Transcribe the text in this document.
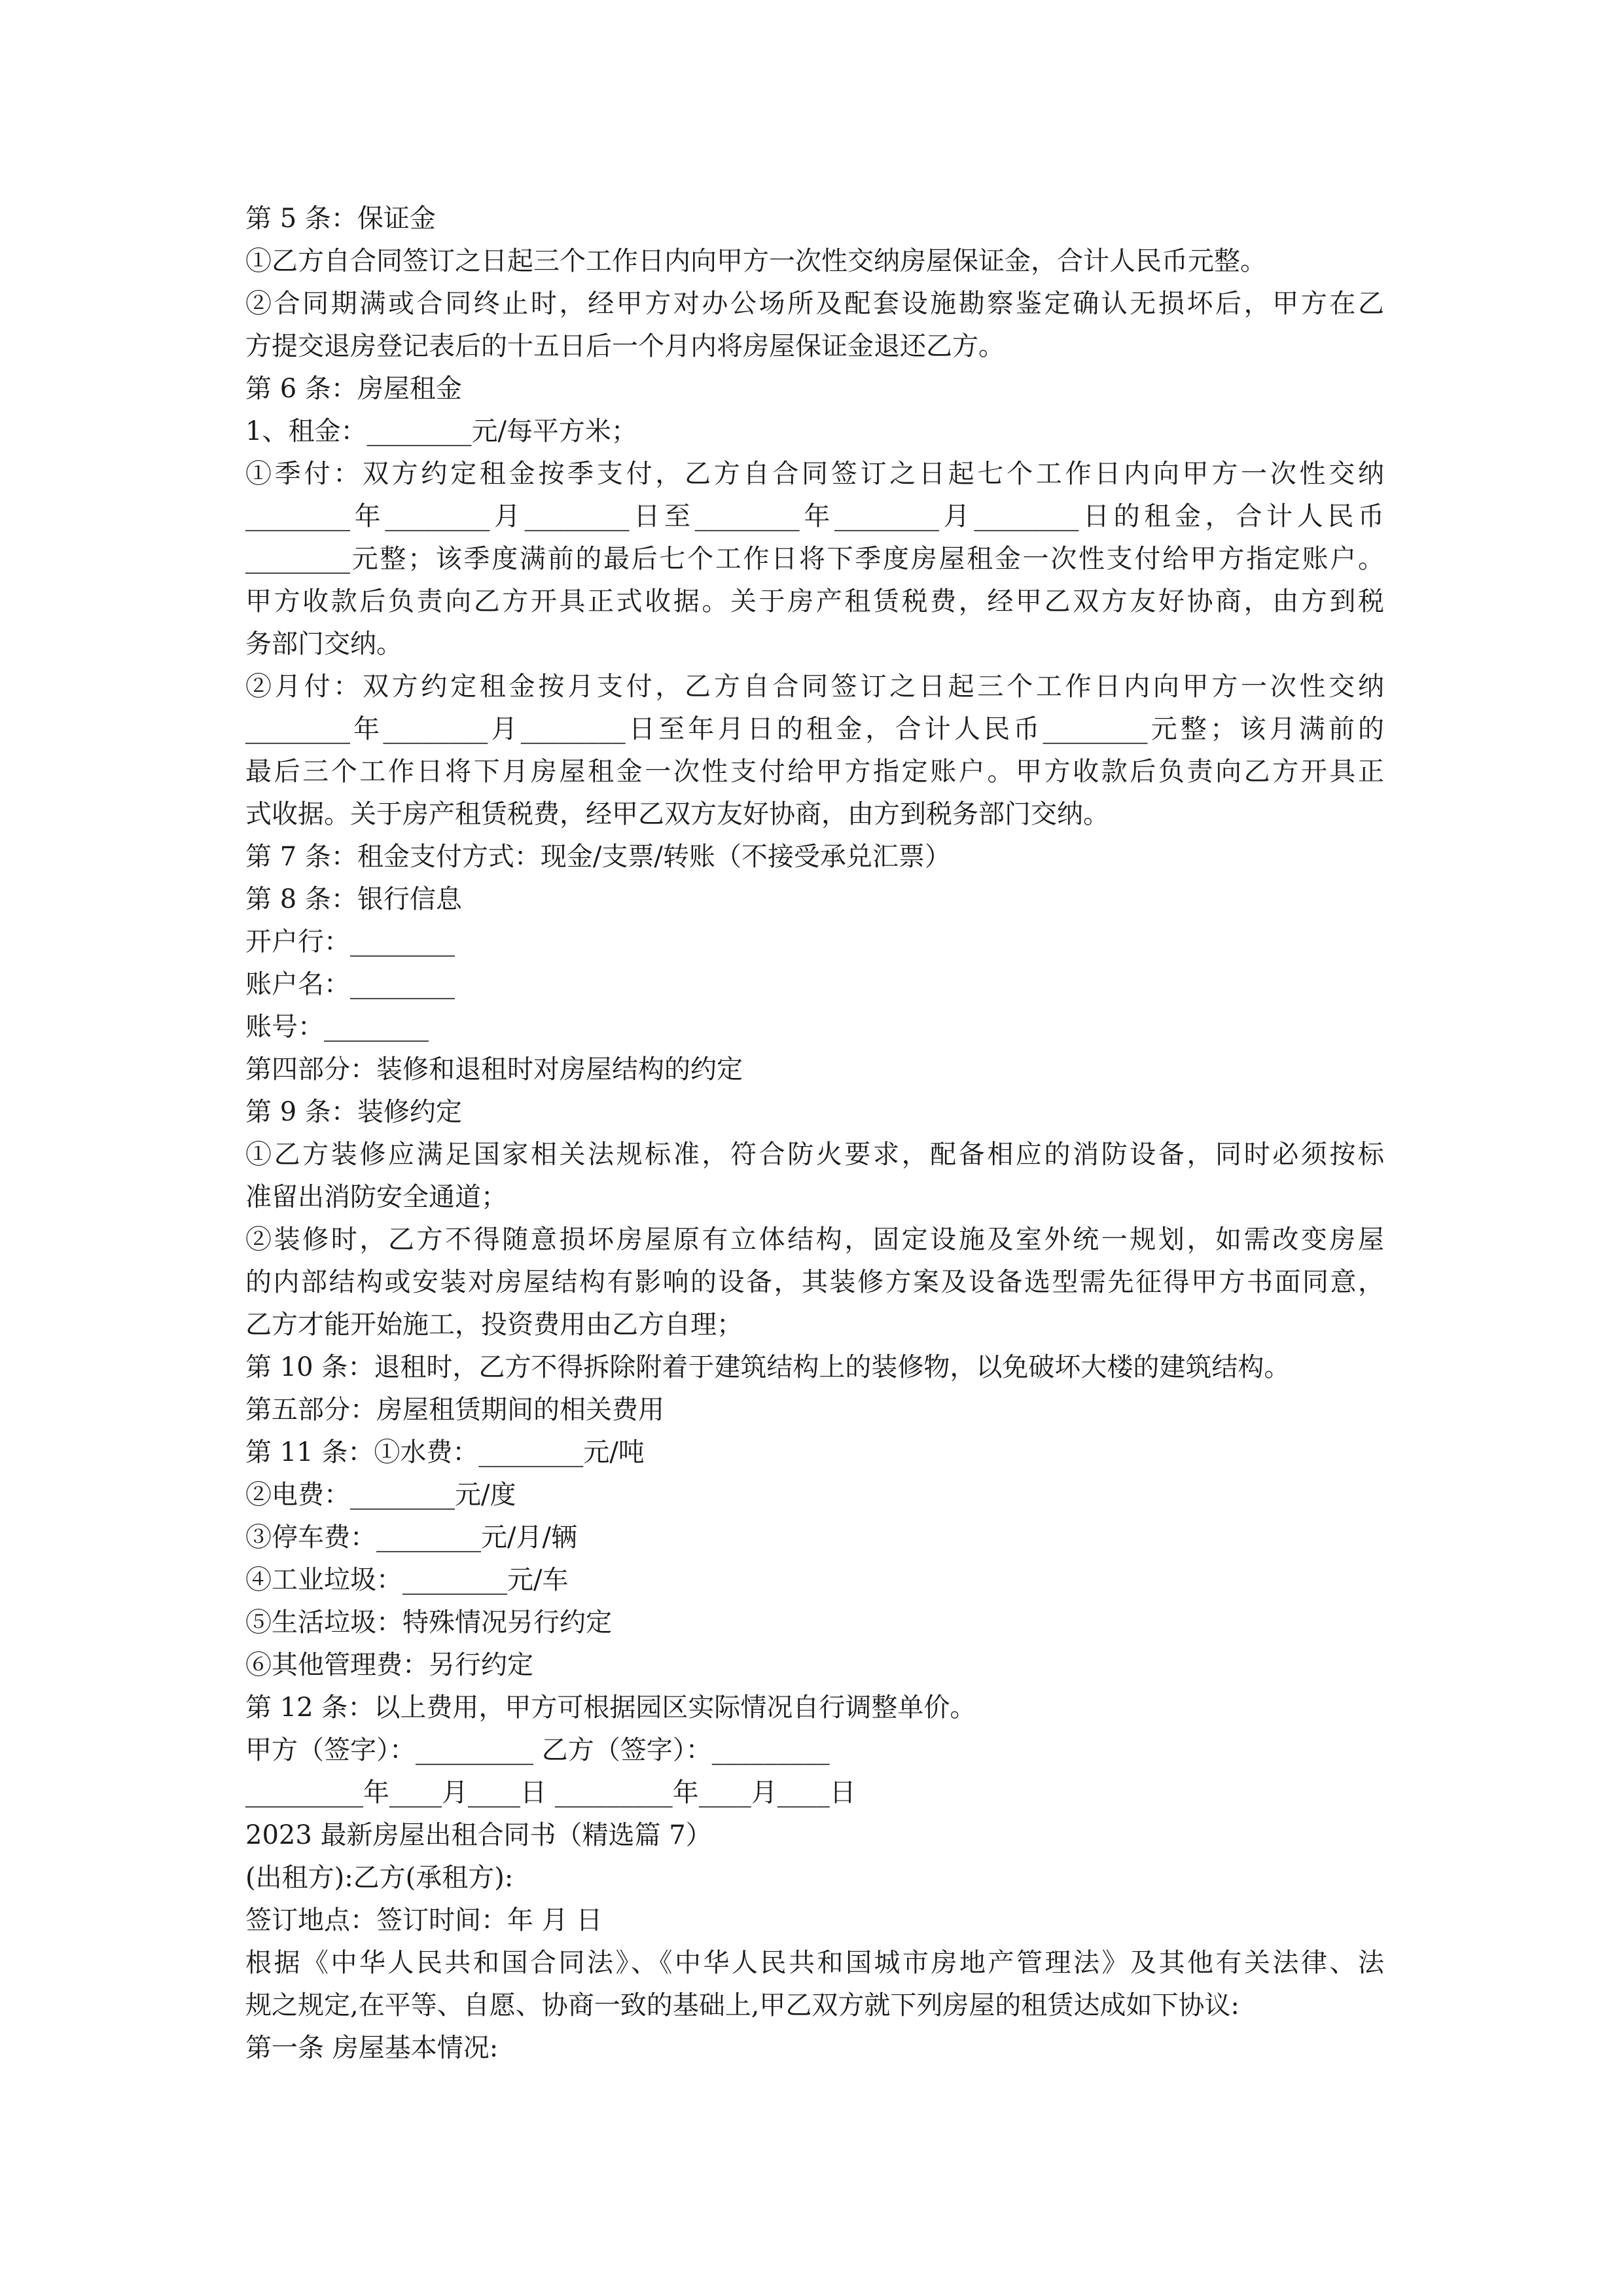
第 5 条：保证金
①乙方自合同签订之日起三个工作日内向甲方一次性交纳房屋保证金，合计人民币元整。
②合同期满或合同终止时，经甲方对办公场所及配套设施勘察鉴定确认无损坏后，甲方在乙
方提交退房登记表后的十五日后一个月内将房屋保证金退还乙方。
第 6 条：房屋租金
1、租金：________元/每平方米；
①季付：双方约定租金按季支付，乙方自合同签订之日起七个工作日内向甲方一次性交纳
________年________月________日至________年________月________日的租金，合计人民币
________元整；该季度满前的最后七个工作日将下季度房屋租金一次性支付给甲方指定账户。
甲方收款后负责向乙方开具正式收据。关于房产租赁税费，经甲乙双方友好协商，由方到税
务部门交纳。
②月付：双方约定租金按月支付，乙方自合同签订之日起三个工作日内向甲方一次性交纳
________年________月________日至年月日的租金，合计人民币________元整；该月满前的
最后三个工作日将下月房屋租金一次性支付给甲方指定账户。甲方收款后负责向乙方开具正
式收据。关于房产租赁税费，经甲乙双方友好协商，由方到税务部门交纳。
第 7 条：租金支付方式：现金/支票/转账（不接受承兑汇票）
第 8 条：银行信息
开户行：________
账户名：________
账号：________
第四部分：装修和退租时对房屋结构的约定
第 9 条：装修约定
①乙方装修应满足国家相关法规标准，符合防火要求，配备相应的消防设备，同时必须按标
准留出消防安全通道；
②装修时，乙方不得随意损坏房屋原有立体结构，固定设施及室外统一规划，如需改变房屋
的内部结构或安装对房屋结构有影响的设备，其装修方案及设备选型需先征得甲方书面同意，
乙方才能开始施工，投资费用由乙方自理；
第 10 条：退租时，乙方不得拆除附着于建筑结构上的装修物，以免破坏大楼的建筑结构。
第五部分：房屋租赁期间的相关费用
第 11 条：①水费：________元/吨
②电费：________元/度
③停车费：________元/月/辆
④工业垃圾：________元/车
⑤生活垃圾：特殊情况另行约定
⑥其他管理费：另行约定
第 12 条：以上费用，甲方可根据园区实际情况自行调整单价。
甲方（签字）：_________ 乙方（签字）：_________
_________年____月____日 _________年____月____日
2023 最新房屋出租合同书（精选篇 7）
(出租方):乙方(承租方):
签订地点：签订时间：年 月 日
根据《中华人民共和国合同法》、《中华人民共和国城市房地产管理法》及其他有关法律、法
规之规定,在平等、自愿、协商一致的基础上,甲乙双方就下列房屋的租赁达成如下协议:
第一条 房屋基本情况:
